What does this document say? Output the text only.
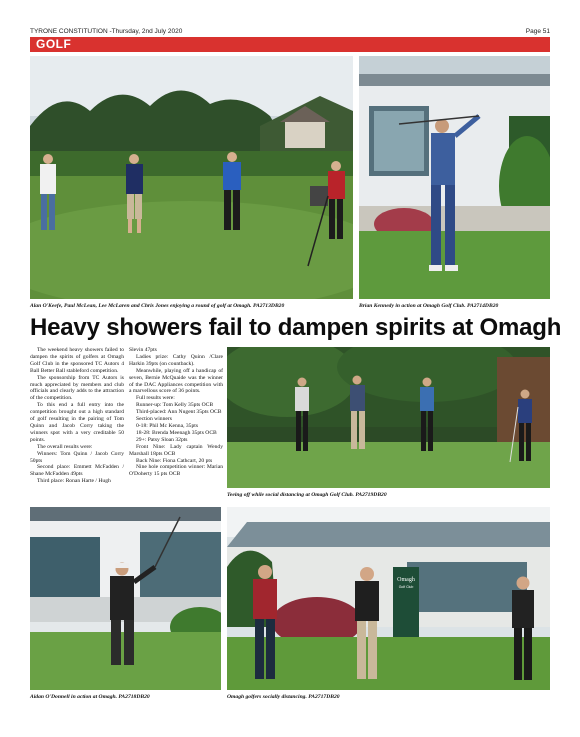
TYRONE CONSTITUTION -Thursday, 2nd July 2020	Page 51
GOLF
Alan O'Keefe, Paul McLean, Lee McLaren and Chris Jones enjoying a round of golf at Omagh. PA2713DB20	Brian Kennedy in action at Omagh Golf Club. PA2714DB20
Heavy showers fail to dampen spirits at Omagh

The weekend heavy showers failed to dampen the spirits of golfers at Omagh Golf Club in the sponsored TC Autors 4 Ball Better Ball stableford competition.

The sponsorship from TC Autors is much appreciated by members and club officials and clearly adds to the attraction of the competition.

To this end a full entry into the competition brought out a high standard of golf resulting in the pairing of Tom Quinn and Jacob Corry taking the winners spot with a very creditable 50 points.

The overall results were:

Winners: Tom Quinn / Jacob Corry 50pts

Second place: Emmett McFadden / Shane McFadden 49pts

Third place: Ronan Harte / Hugh

Slevin 47pts

Ladies prize: Cathy Quinn /Clare Harkin 39pts (on countback).

Meanwhile, playing off a handicap of seven, Bernie McQuaide was the winner of the DAC Appliances competition with a marvellous score of 36 points.

Full results were:

Runner-up: Tom Kelly 35pts OCB

Third-placed: Ann Nugent 35pts OCB

Section winners

0-18: Phil Mc Kenna, 35pts

18-28: Brenda Meenagh 35pts OCB

29+: Patsy Sloan 32pts

Front Nine: Lady captain Wendy Marshall 18pts OCB

Back Nine: Fiona Cathcart, 20 pts

Nine hole competition winner: Marian O'Doherty 15 pts OCB

Teeing off while social distancing at Omagh Golf Club. PA2719DB20
Aidan O'Donnell in action at Omagh. PA2718DB20
Omagh
Golf Club
Omagh golfers socially distancing. PA2717DB20
